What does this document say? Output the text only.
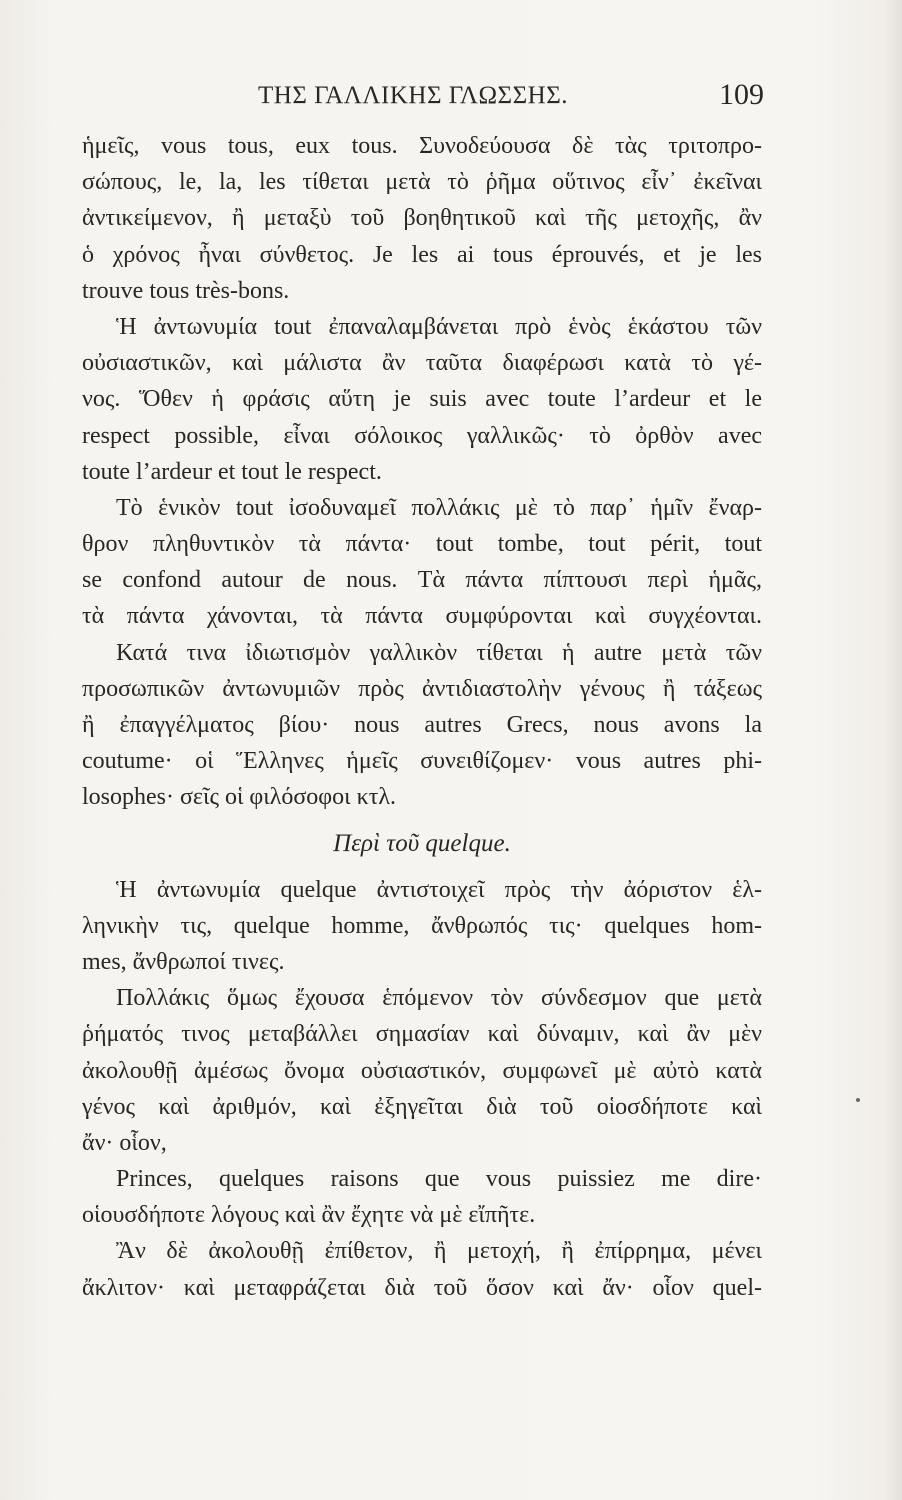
ΤΗΣ ΓΑΛΛΙΚΗΣ ΓΛΩΣΣΗΣ.	109
ἡμεῖς, vous tous, eux tous. Συνοδεύουσα δὲ τὰς τριτοπρο-
σώπους, le, la, les τίθεται μετὰ τὸ ῥῆμα οὕτινος εἶν᾽ ἐκεῖναι
ἀντικείμενον, ἢ μεταξὺ τοῦ βοηθητικοῦ καὶ τῆς μετοχῆς, ἂν
ὁ χρόνος ἦναι σύνθετος. Je les ai tous éprouvés, et je les
trouve tous très-bons.
Ἡ ἀντωνυμία tout ἐπαναλαμβάνεται πρὸ ἑνὸς ἑκάστου τῶν
οὐσιαστικῶν, καὶ μάλιστα ἂν ταῦτα διαφέρωσι κατὰ τὸ γέ-
νος. Ὅθεν ἡ φράσις αὕτη je suis avec toute l’ardeur et le
respect possible, εἶναι σόλοικος γαλλικῶς· τὸ ὀρθὸν avec
toute l’ardeur et tout le respect.
Τὸ ἑνικὸν tout ἰσοδυναμεῖ πολλάκις μὲ τὸ παρ᾽ ἡμῖν ἔναρ-
θρον πληθυντικὸν τὰ πάντα· tout tombe, tout périt, tout
se confond autour de nous. Τὰ πάντα πίπτουσι περὶ ἡμᾶς,
τὰ πάντα χάνονται, τὰ πάντα συμφύρονται καὶ συγχέονται.
Κατά τινα ἰδιωτισμὸν γαλλικὸν τίθεται ἡ autre μετὰ τῶν
προσωπικῶν ἀντωνυμιῶν πρὸς ἀντιδιαστολὴν γένους ἢ τάξεως
ἢ ἐπαγγέλματος βίου· nous autres Grecs, nous avons la
coutume· οἱ Ἕλληνες ἡμεῖς συνειθίζομεν· vous autres phi-
losophes· σεῖς οἱ φιλόσοφοι κτλ.
Περὶ τοῦ quelque.
Ἡ ἀντωνυμία quelque ἀντιστοιχεῖ πρὸς τὴν ἀόριστον ἑλ-
ληνικὴν τις, quelque homme, ἄνθρωπός τις· quelques hom-
mes, ἄνθρωποί τινες.
Πολλάκις ὅμως ἔχουσα ἑπόμενον τὸν σύνδεσμον que μετὰ
ῥήματός τινος μεταβάλλει σημασίαν καὶ δύναμιν, καὶ ἂν μὲν
ἀκολουθῇ ἀμέσως ὄνομα οὐσιαστικόν, συμφωνεῖ μὲ αὐτὸ κατὰ
γένος καὶ ἀριθμόν, καὶ ἐξηγεῖται διὰ τοῦ οἱοσδήποτε καὶ
ἄν· οἷον,
Princes, quelques raisons que vous puissiez me dire·
οἱουσδήποτε λόγους καὶ ἂν ἔχητε νὰ μὲ εἴπῆτε.
Ἂν δὲ ἀκολουθῇ ἐπίθετον, ἢ μετοχή, ἢ ἐπίρρημα, μένει
ἄκλιτον· καὶ μεταφράζεται διὰ τοῦ ὅσον καὶ ἄν· οἷον quel-
